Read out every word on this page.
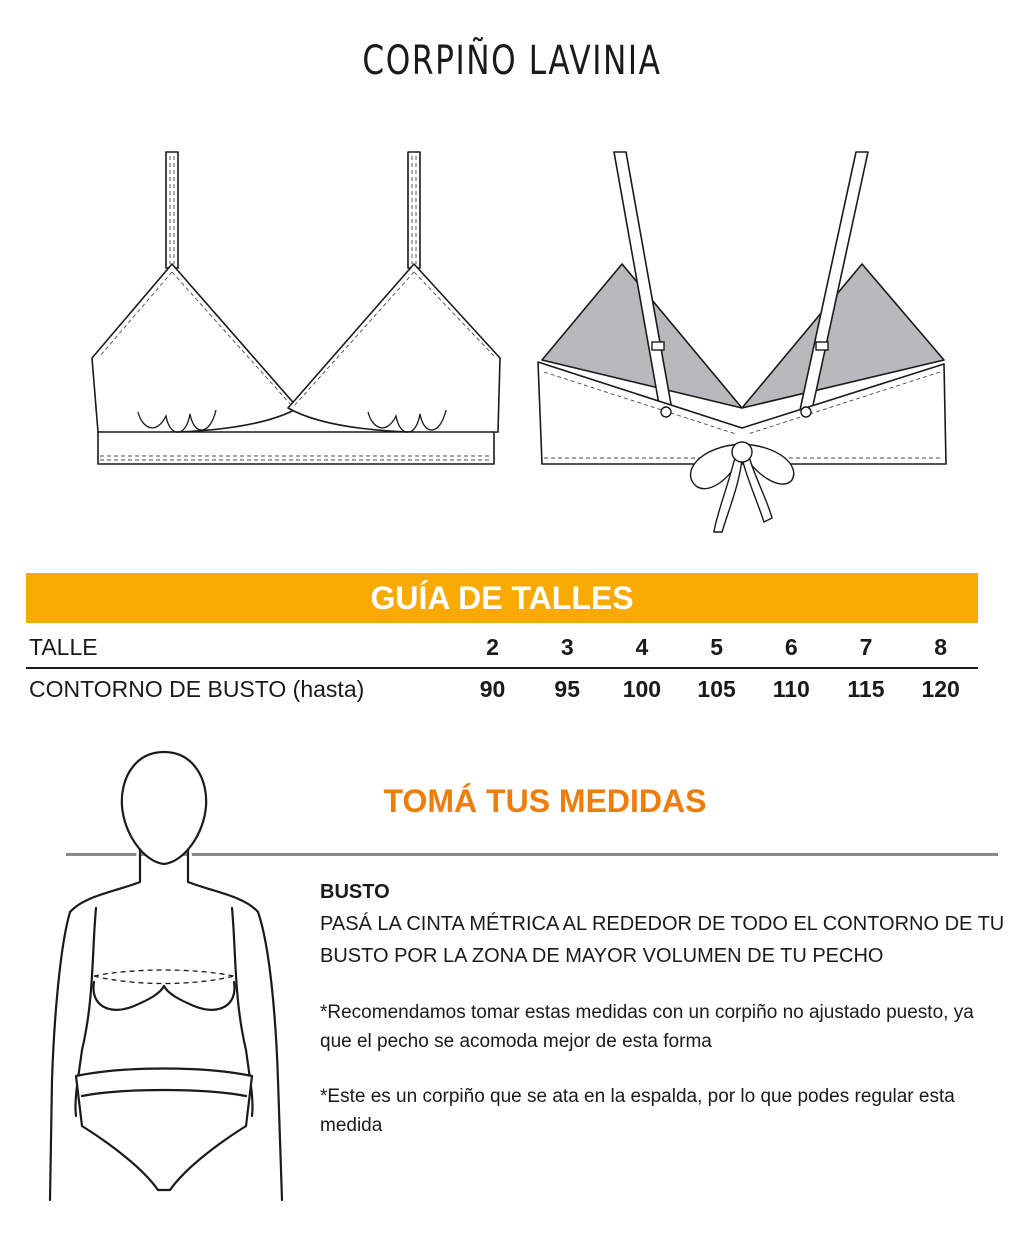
CORPIÑO LAVINIA
GUÍA DE TALLES
TALLE	2	3	4	5	6	7	8
CONTORNO DE BUSTO (hasta)	90	95	100	105	110	115	120
TOMÁ TUS MEDIDAS
BUSTO
PASÁ LA CINTA MÉTRICA AL REDEDOR DE TODO EL CONTORNO DE TU BUSTO POR LA ZONA DE MAYOR VOLUMEN DE TU PECHO
*Recomendamos tomar estas medidas con un corpiño no ajustado puesto, ya que el pecho se acomoda mejor de esta forma
*Este es un corpiño que se ata en la espalda, por lo que podes regular esta medida
